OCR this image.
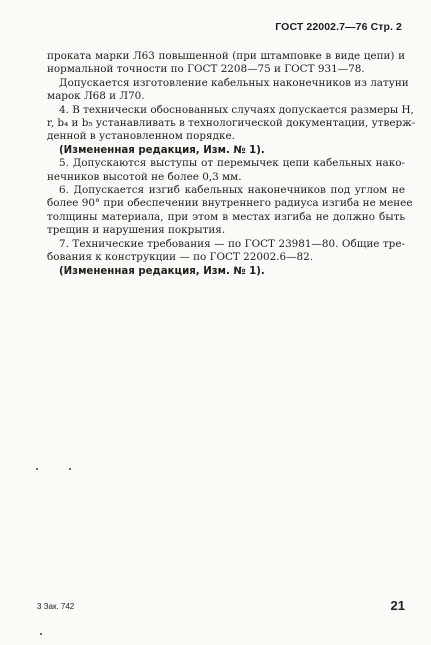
ГОСТ 22002.7—76 Стр. 2

прокатa марки Л63 повышенной (при штамповке в виде цепи) и
нормальной точности по ГОСТ 2208—75 и ГОСТ 931—78.

Допускается изготовление кабельных наконечников из латуни
марок Л68 и Л70.

4. В технически обоснованных случаях допускается размеры H,
r, b₄ и b₅ устанавливать в технологической документации, утверж-
денной в установленном порядке.

(Измененная редакция, Изм. № 1).

5. Допускаются выступы от перемычек цепи кабельных нако-
нечников высотой не более 0,3 мм.

6. Допускается изгиб кабельных наконечников под углом не
более 90° при обеспечении внутреннего радиуса изгиба не менее
толщины материала, при этом в местах изгиба не должно быть
трещин и нарушения покрытия.

7. Технические требования — по ГОСТ 23981—80. Общие тре-
бования к конструкции — по ГОСТ 22002.6—82.

(Измененная редакция, Изм. № 1).

3 Зак. 742	21
